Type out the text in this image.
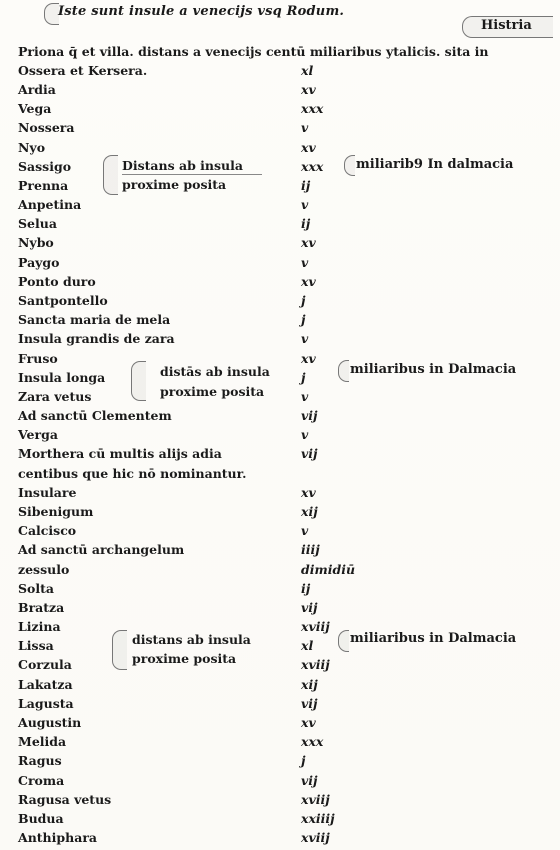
Iste sunt insule a venecijs vsq Rodum.
Histria
Priona q̄ et villa. distans a venecijs centū miliaribus ytalicis. sita in
Ossera et Kersera.	xl
Ardia	xv
Vega	xxx
Nossera	v
Nyo	xv
Sassigo	xxx
Prenna	ij
Anpetina	v
Selua	ij
Nybo	xv
Paygo	v
Ponto duro	xv
Santpontello	j
Sancta maria de mela	j
Insula grandis de zara	v
Fruso	xv
Insula longa	j
Zara vetus	v
Ad sanctū Clementem	vij
Verga	v
Morthera cū multis alijs adia	vij
centibus que hic nō nominantur.
Insulare	xv
Sibenigum	xij
Calcisco	v
Ad sanctū archangelum	iiij
zessulo	dimidiū
Solta	ij
Bratza	vij
Lizina	xviij
Lissa	xl
Corzula	xviij
Lakatza	xij
Lagusta	vij
Augustin	xv
Melida	xxx
Ragus	j
Croma	vij
Ragusa vetus	xviij
Budua	xxiiij
Anthiphara	xviij
Distans ab insula
proxime posita
miliarib9 In dalmacia
distās ab insula
proxime posita
miliaribus in Dalmacia
distans ab insula
proxime posita
miliaribus in Dalmacia
